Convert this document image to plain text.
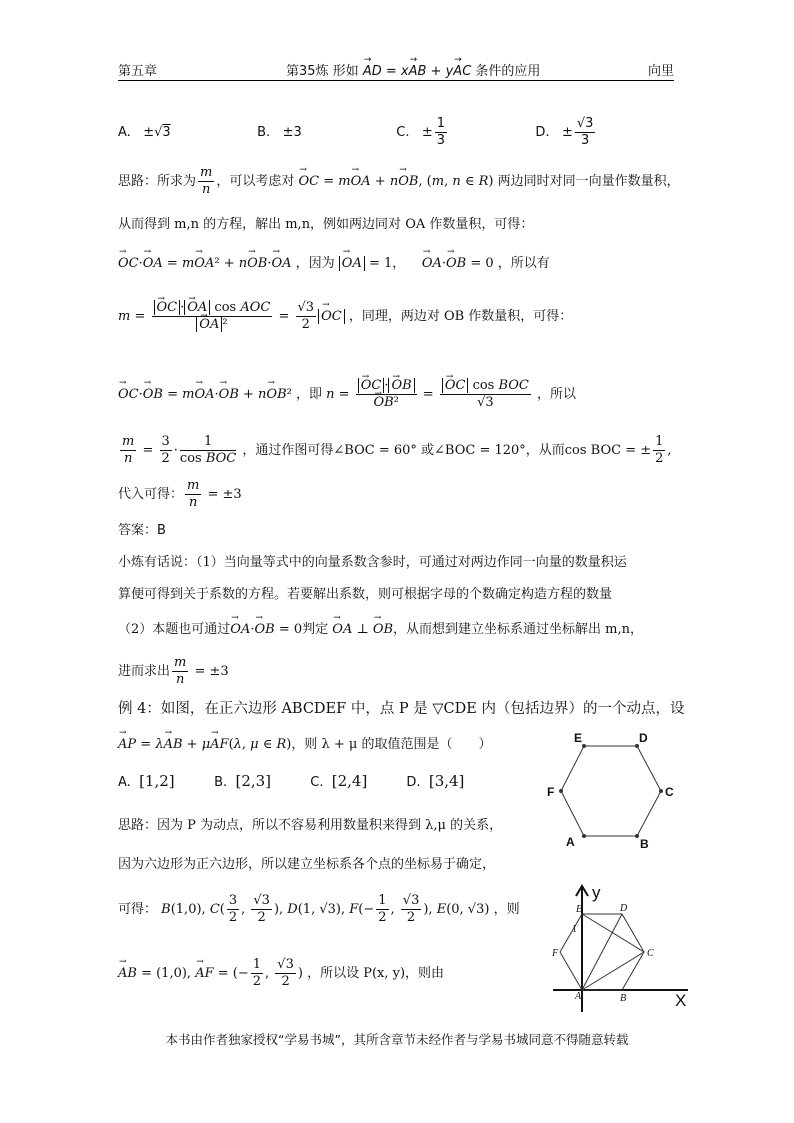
第五章	第35炼 形如 → AD = x→ AB + y→ AC 条件的应用	向里
A.   ±√3	B.   ±3	C.   ± $\frac{1}{3}$	D.   ± $\frac{√3}{3}$
思路：所求为 $\frac{m}{n}$ ，可以考虑对 → OC = m→ OA + n→ OB, (m, n ∈ R) 两边同时对同一向量作数量积，
从而得到 m,n 的方程，解出 m,n，例如两边同对 OA 作数量积，可得：
→ OC·→ OA = m→ OA² + n→ OB·→ OA ，因为 → OA = 1，    → OA·→ OB = 0 ，所以有
m = → OC · → OA cos AOC
→ OA $^2 = \frac{√3}{2}$ → OC ，同理，两边对 OB 作数量积，可得：
→ OC·→ OB = m→ OA·→ OB + n→ OB² ，即 n = → OC · → OB
→ OB² = → $\frac{\text{OC cos BOC}}{√3}$ ，所以
$\frac{m}{n} = \frac{3}{2} \cdot \frac{1}{\text{cos BOC}}$ ，通过作图可得∠BOC = 60° 或∠BOC = 120°，从而cos BOC = ± $\frac{1}{2}$ ,
代入可得： $\frac{m}{n} = \pm 3$
答案：B
小炼有话说：（1）当向量等式中的向量系数含参时，可通过对两边作同一向量的数量积运
算便可得到关于系数的方程。若要解出系数，则可根据字母的个数确定构造方程的数量
（2）本题也可通过→ OA·→ OB = 0判定 → OA ⊥ → OB，从而想到建立坐标系通过坐标解出 m,n，
进而求出 $\frac{m}{n} = \pm 3$
例 4：如图，在正六边形 ABCDEF 中，点 P 是 ▽CDE 内（包括边界）的一个动点，设
→ AP = λ→ AB + μ→ AF(λ, μ ∈ R)，则 λ + μ 的取值范围是（　　）
A. [1,2]	B. [2,3]	C. [2,4]	D. [3,4]
思路：因为 P 为动点，所以不容易利用数量积来得到 λ,μ 的关系，
因为六边形为正六边形，所以建立坐标系各个点的坐标易于确定，
可得： B(1,0), $C( \frac{3}{2}$ , $\frac{√3}{2}$ ), D(1, √3), $F(- \frac{1}{2}$ , $\frac{√3}{2}$ ), E(0, √3) ，则
→ AB = (1,0), → AF = (− $\frac{1}{2}$ , $\frac{√3}{2}$ ) ，所以设 P(x, y)，则由
A	B
C
D
E
F
D
E
C
F
B
A
1
y
X
本书由作者独家授权“学易书城”，其所含章节未经作者与学易书城同意不得随意转载
